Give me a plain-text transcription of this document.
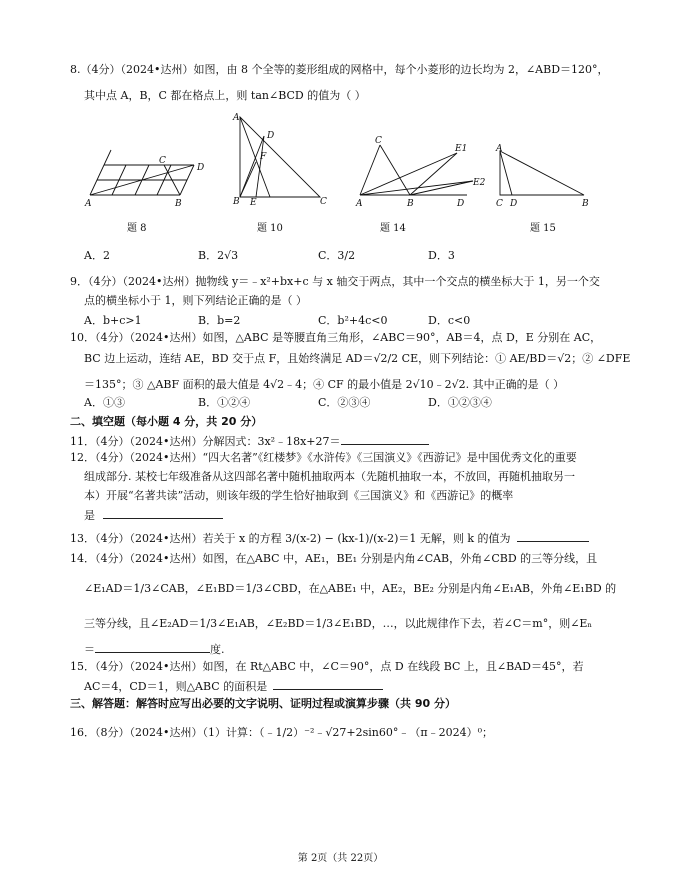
8.（4分）（2024•达州）如图，由 8 个全等的菱形组成的网格中，每个小菱形的边长均为 2，∠ABD＝120°，
其中点 A，B，C 都在格点上，则 tan∠BCD 的值为（ ）
A	B
C
D
题 8
A
D
F
B E	C
题 10
C
E1
E2
A	B	D
题 14
A
C D	B
题 15
A．2	B．2√3	C．3/2	D．3
9．（4分）（2024•达州）抛物线 y＝﹣x²+bx+c 与 x 轴交于两点，其中一个交点的横坐标大于 1，另一个交
点的横坐标小于 1，则下列结论正确的是（ ）
A．b+c>1	B．b=2	C．b²+4c<0	D．c<0
10．（4分）（2024•达州）如图，△ABC 是等腰直角三角形，∠ABC＝90°，AB＝4，点 D，E 分别在 AC，
BC 边上运动，连结 AE，BD 交于点 F，且始终满足 AD＝√2/2 CE，则下列结论：① AE/BD＝√2；② ∠DFE
＝135°；③ △ABF 面积的最大值是 4√2﹣4；④ CF 的最小值是 2√10﹣2√2. 其中正确的是（ ）
A．①③	B．①②④	C．②③④	D．①②③④
二、填空题（每小题 4 分，共 20 分）
11．（4分）（2024•达州）分解因式：3x²﹣18x+27＝
12．（4分）（2024•达州）“四大名著”《红楼梦》《水浒传》《三国演义》《西游记》是中国优秀文化的重要
组成部分. 某校七年级准备从这四部名著中随机抽取两本（先随机抽取一本，不放回，再随机抽取另一
本）开展“名著共读”活动，则该年级的学生恰好抽取到《三国演义》和《西游记》的概率
是
13．（4分）（2024•达州）若关于 x 的方程 3/(x-2) − (kx-1)/(x-2)＝1 无解，则 k 的值为
14．（4分）（2024•达州）如图，在△ABC 中，AE₁，BE₁ 分别是内角∠CAB，外角∠CBD 的三等分线，且
∠E₁AD＝1/3∠CAB，∠E₁BD＝1/3∠CBD，在△ABE₁ 中，AE₂，BE₂ 分别是内角∠E₁AB，外角∠E₁BD 的
三等分线，且∠E₂AD＝1/3∠E₁AB，∠E₂BD＝1/3∠E₁BD，…，以此规律作下去，若∠C＝m°，则∠Eₙ
＝	度.
15．（4分）（2024•达州）如图，在 Rt△ABC 中，∠C＝90°，点 D 在线段 BC 上，且∠BAD＝45°，若
AC＝4，CD＝1，则△ABC 的面积是
三、解答题：解答时应写出必要的文字说明、证明过程或演算步骤（共 90 分）
16．（8分）（2024•达州）（1）计算：（﹣1/2）⁻²﹣√27+2sin60°﹣（π﹣2024）⁰；
第 2页（共 22页）
